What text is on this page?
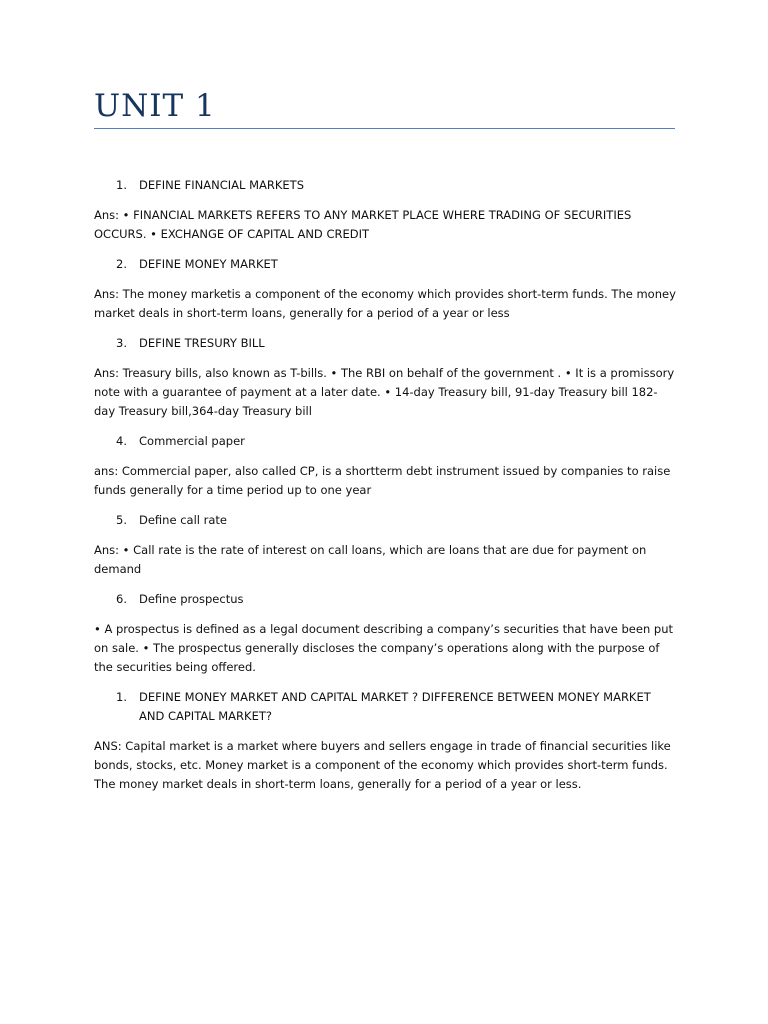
UNIT 1
1.	DEFINE FINANCIAL MARKETS

Ans: • FINANCIAL MARKETS REFERS TO ANY MARKET PLACE WHERE TRADING OF SECURITIES OCCURS. • EXCHANGE OF CAPITAL AND CREDIT

2.	DEFINE MONEY MARKET

Ans: The money marketis a component of the economy which provides short-term funds. The money market deals in short-term loans, generally for a period of a year or less

3.	DEFINE TRESURY BILL

Ans: Treasury bills, also known as T-bills. • The RBI on behalf of the government . • It is a promissory note with a guarantee of payment at a later date. • 14-day Treasury bill, 91-day Treasury bill 182-day Treasury bill,364-day Treasury bill

4.	Commercial paper

ans: Commercial paper, also called CP, is a shortterm debt instrument issued by companies to raise funds generally for a time period up to one year

5.	Define call rate

Ans: • Call rate is the rate of interest on call loans, which are loans that are due for payment on demand

6.	Define prospectus

• A prospectus is defined as a legal document describing a company’s securities that have been put on sale. • The prospectus generally discloses the company’s operations along with the purpose of the securities being offered.

1.	DEFINE MONEY MARKET AND CAPITAL MARKET ? DIFFERENCE BETWEEN MONEY MARKET AND CAPITAL MARKET?

ANS: Capital market is a market where buyers and sellers engage in trade of financial securities like bonds, stocks, etc. Money market is a component of the economy which provides short-term funds. The money market deals in short-term loans, generally for a period of a year or less.
